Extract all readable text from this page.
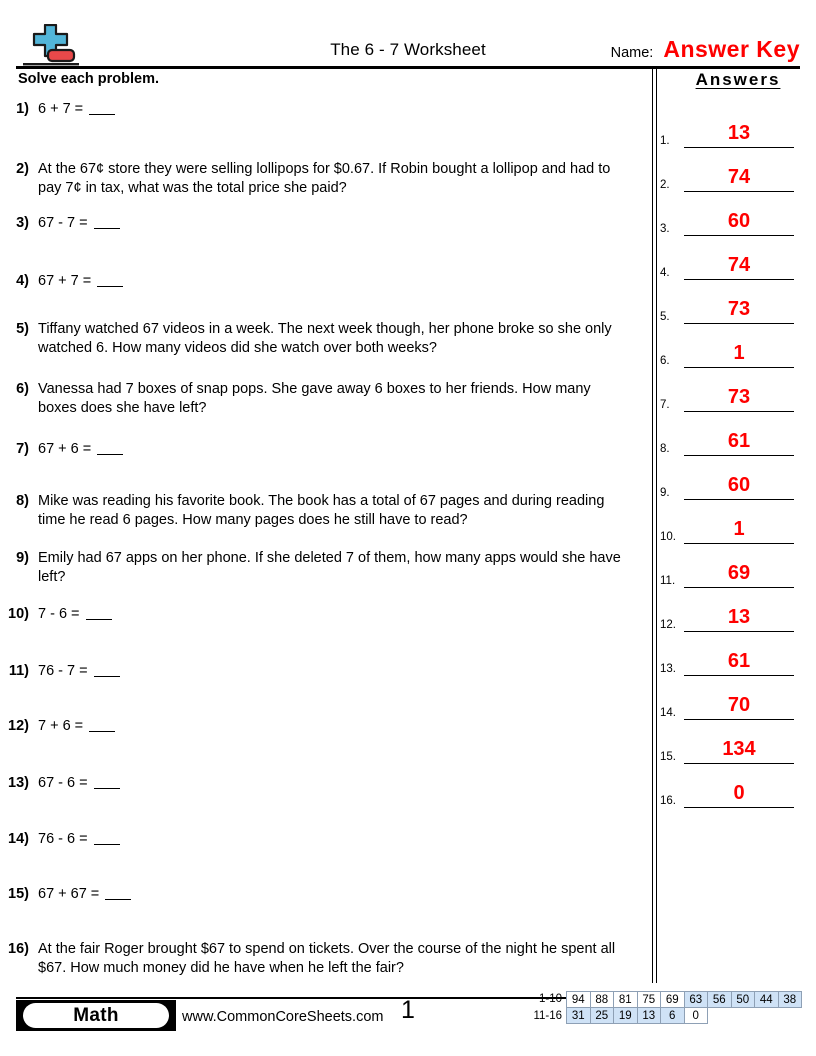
The 6 - 7 Worksheet	Name: Answer Key
Solve each problem.	Answers
1) 6 + 7 =
2) At the 67¢ store they were selling lollipops for $0.67. If Robin bought a lollipop and had to pay 7¢ in tax, what was the total price she paid?
3) 67 - 7 =
4) 67 + 7 =
5) Tiffany watched 67 videos in a week. The next week though, her phone broke so she only watched 6. How many videos did she watch over both weeks?
6) Vanessa had 7 boxes of snap pops. She gave away 6 boxes to her friends. How many boxes does she have left?
7) 67 + 6 =
8) Mike was reading his favorite book. The book has a total of 67 pages and during reading time he read 6 pages. How many pages does he still have to read?
9) Emily had 67 apps on her phone. If she deleted 7 of them, how many apps would she have left?
10) 7 - 6 =
11) 76 - 7 =
12) 7 + 6 =
13) 67 - 6 =
14) 76 - 6 =
15) 67 + 67 =
16) At the fair Roger brought $67 to spend on tickets. Over the course of the night he spent all $67. How much money did he have when he left the fair?
1.	13
2.	74
3.	60
4.	74
5.	73
6.	1
7.	73
8.	61
9.	60
10.	1
11.	69
12.	13
13.	61
14.	70
15.	134
16.	0
Math	www.CommonCoreSheets.com 1	1-10 94 88 81 75 69 63 56 50 44 38
11-16 31 25 19 13	6	0
